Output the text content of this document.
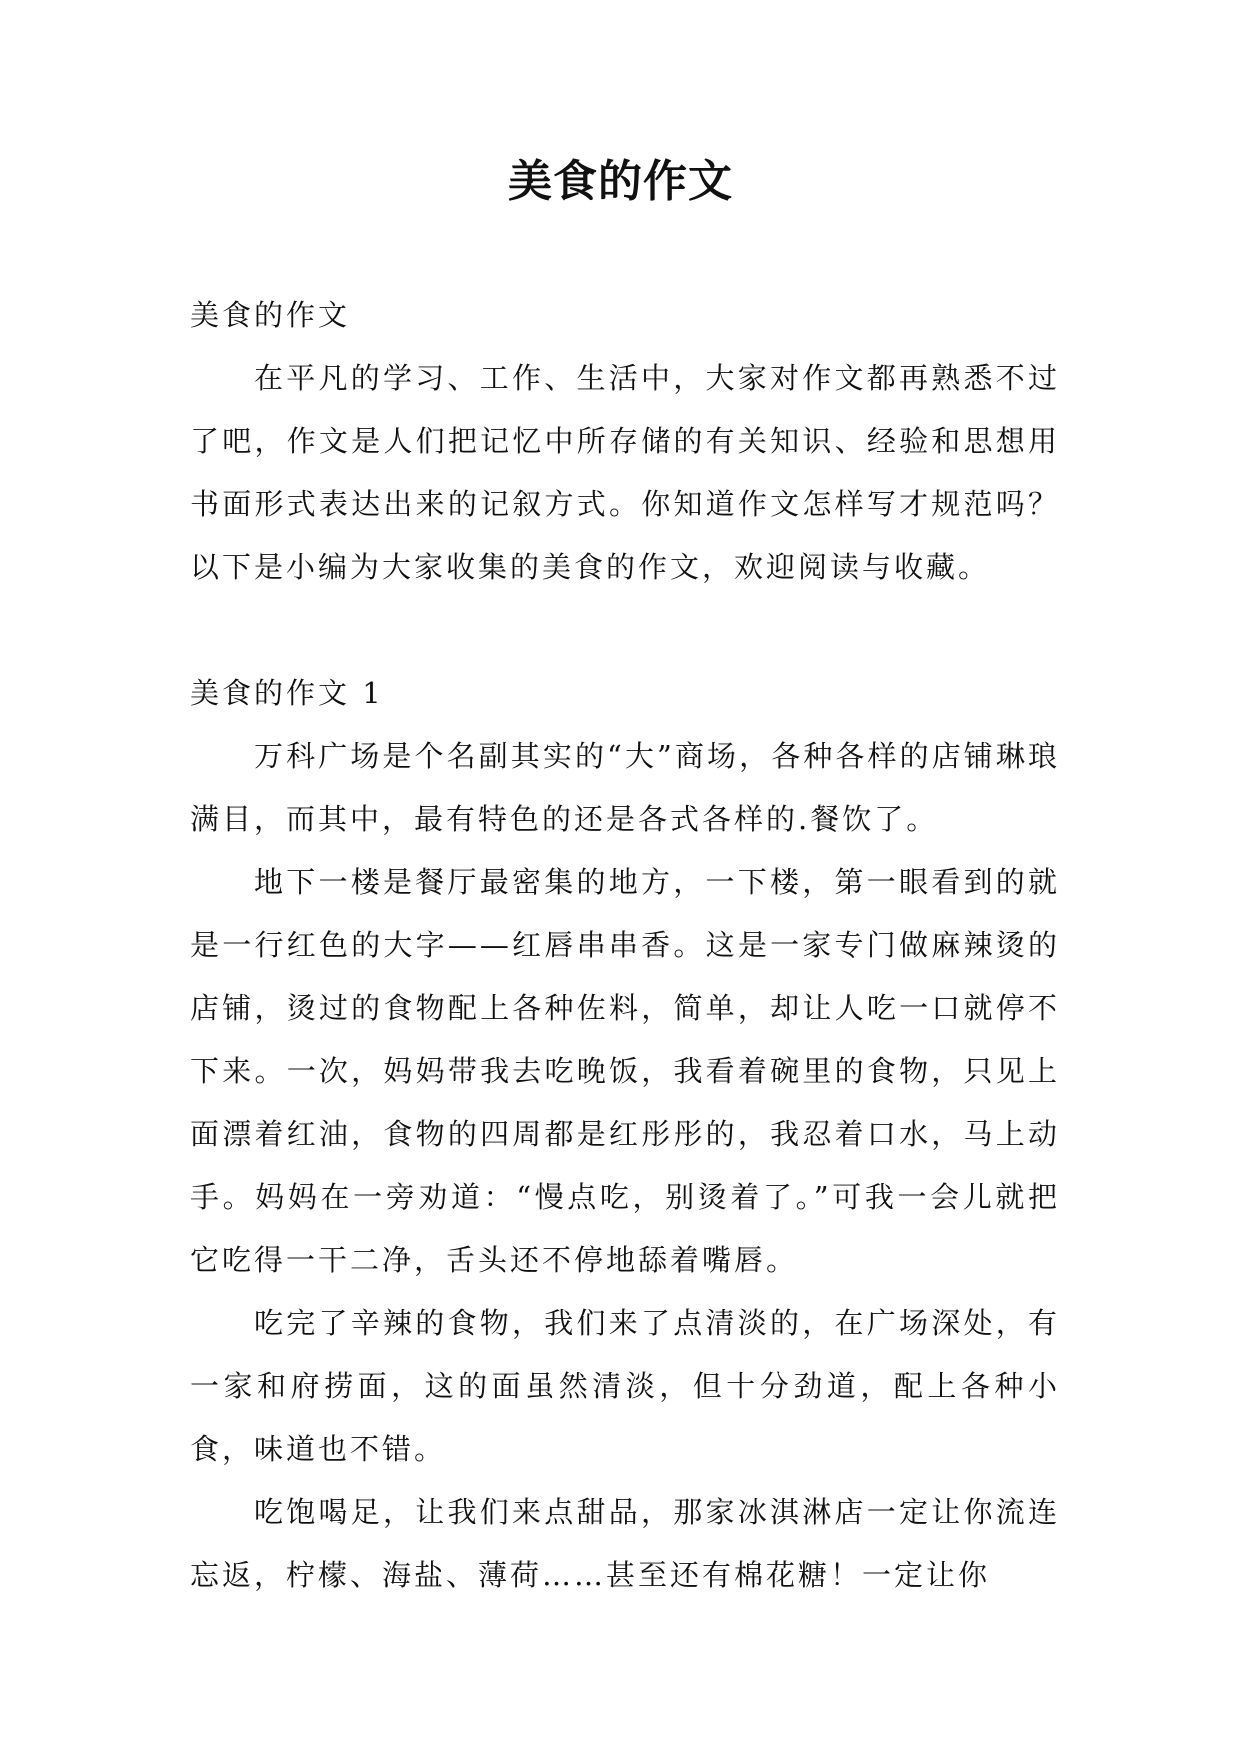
美食的作文

美食的作文

在平凡的学习、工作、生活中，大家对作文都再熟悉不过了吧，作文是人们把记忆中所存储的有关知识、经验和思想用书面形式表达出来的记叙方式。你知道作文怎样写才规范吗？以下是小编为大家收集的美食的作文，欢迎阅读与收藏。

美食的作文 1

万科广场是个名副其实的“大”商场，各种各样的店铺琳琅满目，而其中，最有特色的还是各式各样的.餐饮了。

地下一楼是餐厅最密集的地方，一下楼，第一眼看到的就是一行红色的大字——红唇串串香。这是一家专门做麻辣烫的店铺，烫过的食物配上各种佐料，简单，却让人吃一口就停不下来。一次，妈妈带我去吃晚饭，我看着碗里的食物，只见上面漂着红油，食物的四周都是红彤彤的，我忍着口水，马上动手。妈妈在一旁劝道：“慢点吃，别烫着了。”可我一会儿就把它吃得一干二净，舌头还不停地舔着嘴唇。

吃完了辛辣的食物，我们来了点清淡的，在广场深处，有一家和府捞面，这的面虽然清淡，但十分劲道，配上各种小食，味道也不错。

吃饱喝足，让我们来点甜品，那家冰淇淋店一定让你流连忘返，柠檬、海盐、薄荷……甚至还有棉花糖！一定让你
